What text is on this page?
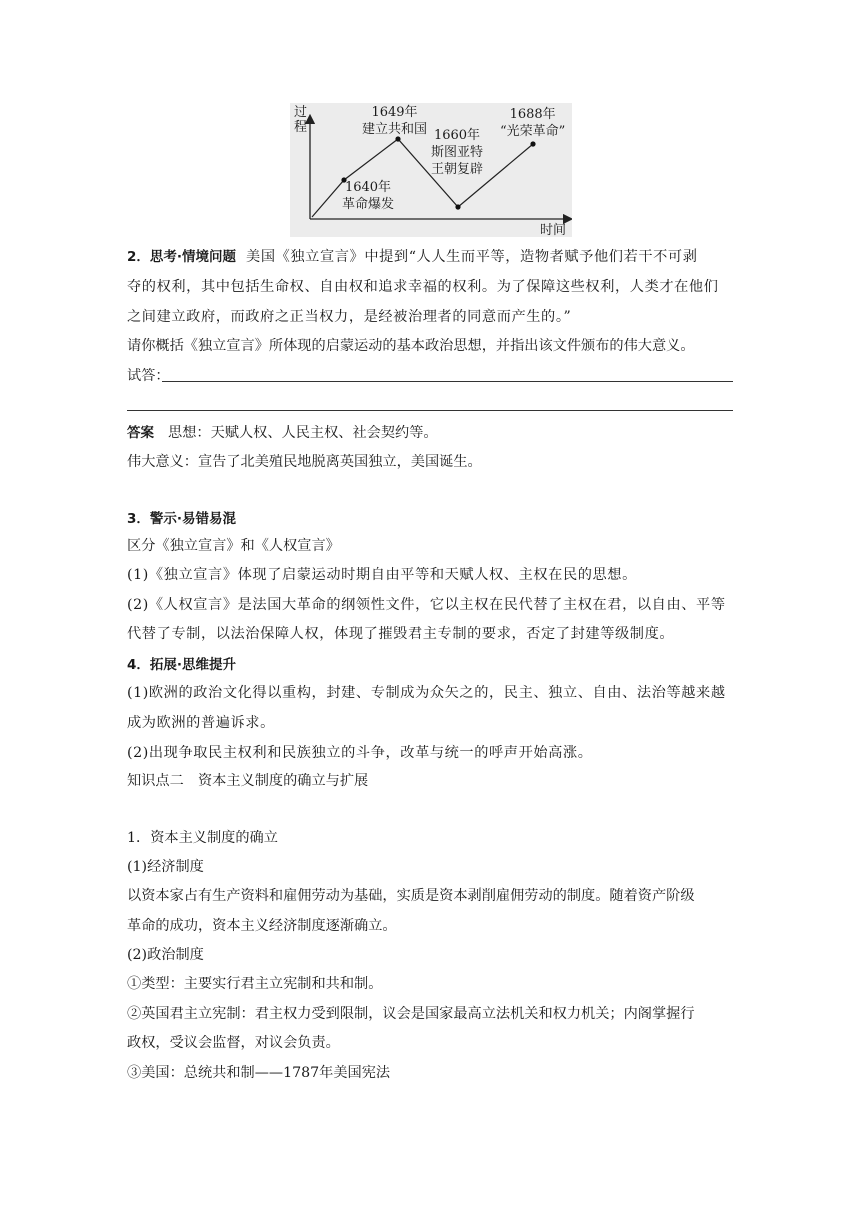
过程
时间
1640年
革命爆发
1649年
建立共和国 1660年
斯图亚特
王朝复辟
1688年
“光荣革命”
2．思考·情境问题 美国《独立宣言》中提到“人人生而平等，造物者赋予他们若干不可剥
夺的权利，其中包括生命权、自由权和追求幸福的权利。为了保障这些权利，人类才在他们
之间建立政府，而政府之正当权力，是经被治理者的同意而产生的。”
请你概括《独立宣言》所体现的启蒙运动的基本政治思想，并指出该文件颁布的伟大意义。
试答：
答案 思想：天赋人权、人民主权、社会契约等。
伟大意义：宣告了北美殖民地脱离英国独立，美国诞生。
3．警示·易错易混
区分《独立宣言》和《人权宣言》
(1)《独立宣言》体现了启蒙运动时期自由平等和天赋人权、主权在民的思想。
(2)《人权宣言》是法国大革命的纲领性文件，它以主权在民代替了主权在君，以自由、平等
代替了专制，以法治保障人权，体现了摧毁君主专制的要求，否定了封建等级制度。
4．拓展·思维提升
(1)欧洲的政治文化得以重构，封建、专制成为众矢之的，民主、独立、自由、法治等越来越
成为欧洲的普遍诉求。
(2)出现争取民主权利和民族独立的斗争，改革与统一的呼声开始高涨。
知识点二　资本主义制度的确立与扩展
1．资本主义制度的确立
(1)经济制度
以资本家占有生产资料和雇佣劳动为基础，实质是资本剥削雇佣劳动的制度。随着资产阶级
革命的成功，资本主义经济制度逐渐确立。
(2)政治制度
①类型：主要实行君主立宪制和共和制。
②英国君主立宪制：君主权力受到限制，议会是国家最高立法机关和权力机关；内阁掌握行
政权，受议会监督，对议会负责。
③美国：总统共和制——1787年美国宪法
